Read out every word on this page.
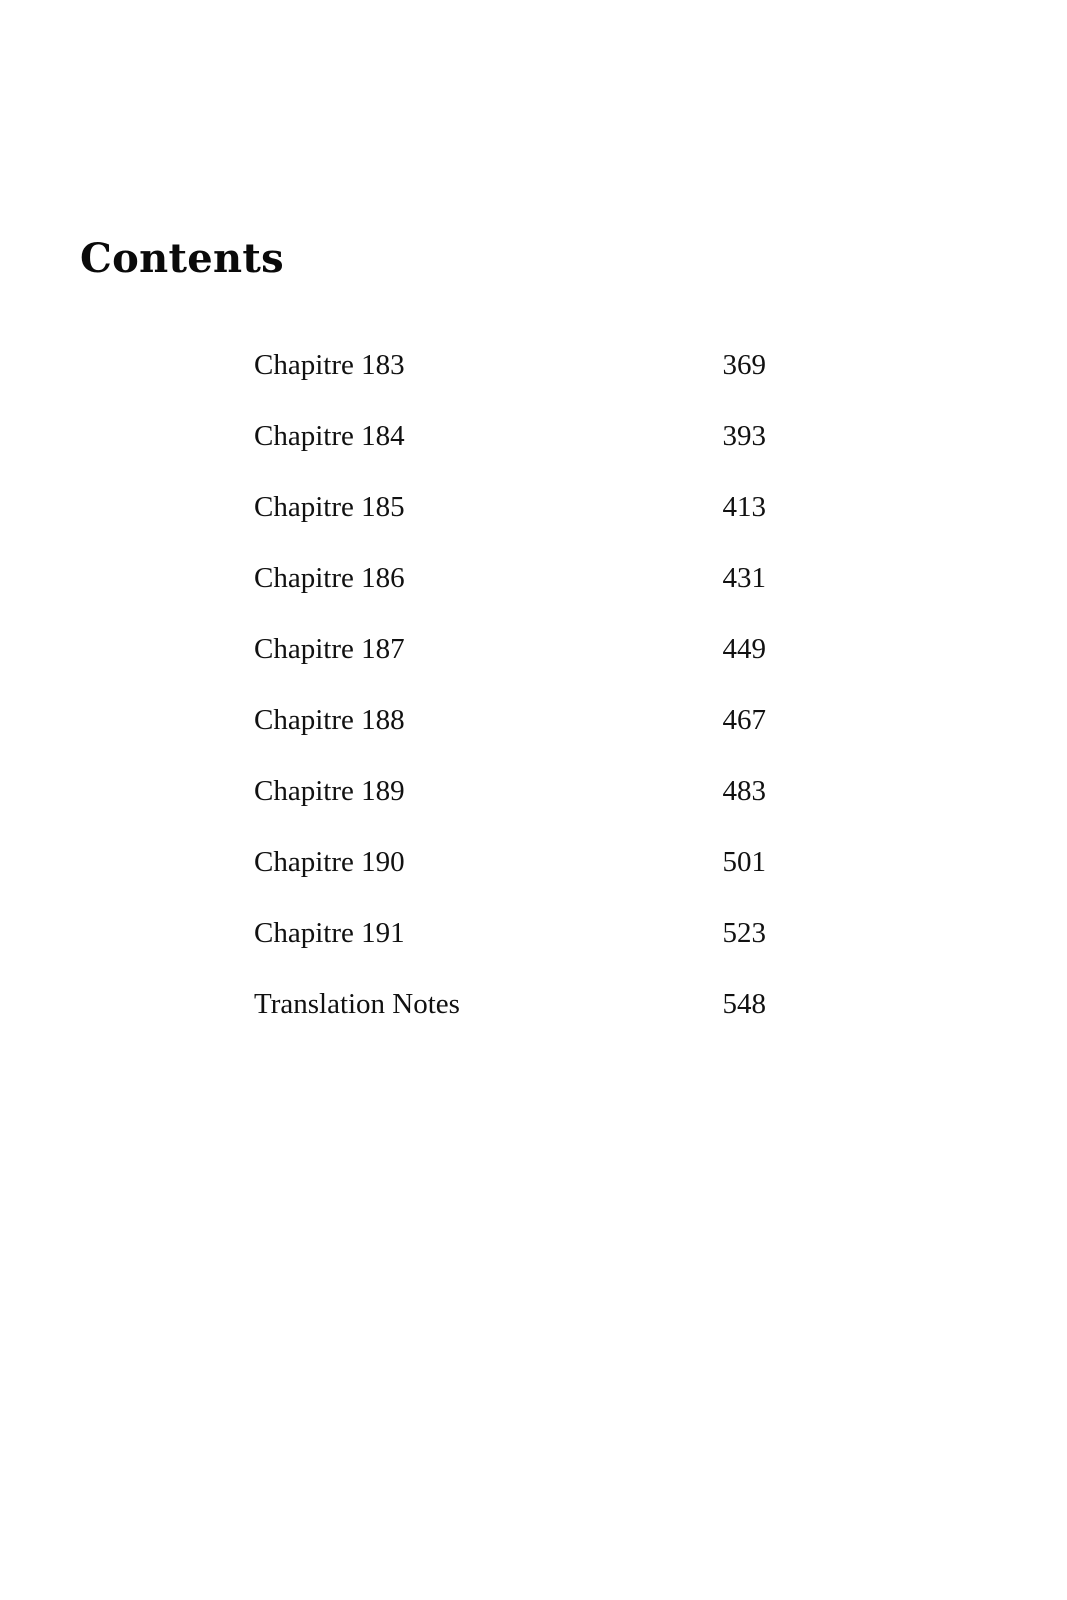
Contents
Chapitre 183	369
Chapitre 184	393
Chapitre 185	413
Chapitre 186	431
Chapitre 187	449
Chapitre 188	467
Chapitre 189	483
Chapitre 190	501
Chapitre 191	523
Translation Notes	548
